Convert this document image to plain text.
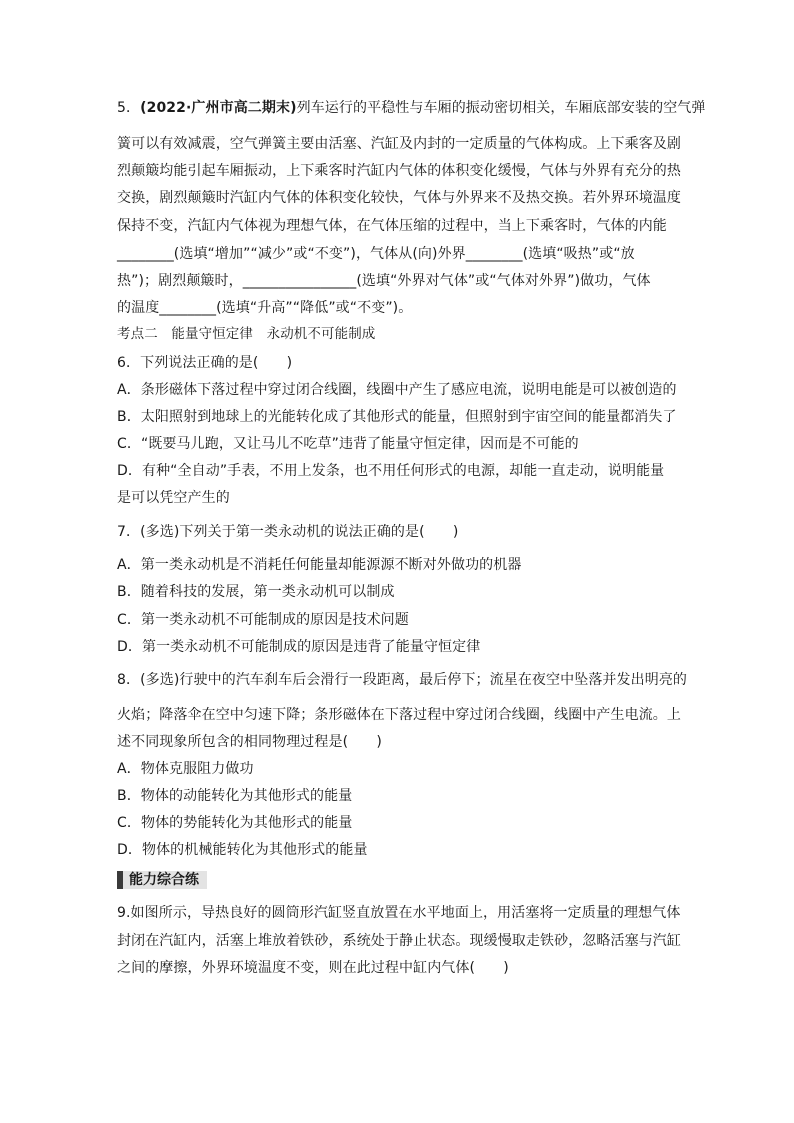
5．(2022·广州市高二期末)列车运行的平稳性与车厢的振动密切相关，车厢底部安装的空气弹
簧可以有效减震，空气弹簧主要由活塞、汽缸及内封的一定质量的气体构成。上下乘客及剧
烈颠簸均能引起车厢振动，上下乘客时汽缸内气体的体积变化缓慢，气体与外界有充分的热
交换，剧烈颠簸时汽缸内气体的体积变化较快，气体与外界来不及热交换。若外界环境温度
保持不变，汽缸内气体视为理想气体，在气体压缩的过程中，当上下乘客时，气体的内能
________(选填“增加”“减少”或“不变”)，气体从(向)外界________(选填“吸热”或“放
热”)；剧烈颠簸时，________________(选填“外界对气体”或“气体对外界”)做功，气体
的温度________(选填“升高”“降低”或“不变”)。
考点二　能量守恒定律　永动机不可能制成
6．下列说法正确的是(　　)
A．条形磁体下落过程中穿过闭合线圈，线圈中产生了感应电流，说明电能是可以被创造的
B．太阳照射到地球上的光能转化成了其他形式的能量，但照射到宇宙空间的能量都消失了
C．“既要马儿跑，又让马儿不吃草”违背了能量守恒定律，因而是不可能的
D．有种“全自动”手表，不用上发条，也不用任何形式的电源，却能一直走动，说明能量
是可以凭空产生的
7．(多选)下列关于第一类永动机的说法正确的是(　　)
A．第一类永动机是不消耗任何能量却能源源不断对外做功的机器
B．随着科技的发展，第一类永动机可以制成
C．第一类永动机不可能制成的原因是技术问题
D．第一类永动机不可能制成的原因是违背了能量守恒定律
8．(多选)行驶中的汽车刹车后会滑行一段距离，最后停下；流星在夜空中坠落并发出明亮的
火焰；降落伞在空中匀速下降；条形磁体在下落过程中穿过闭合线圈，线圈中产生电流。上
述不同现象所包含的相同物理过程是(　　)
A．物体克服阻力做功
B．物体的动能转化为其他形式的能量
C．物体的势能转化为其他形式的能量
D．物体的机械能转化为其他形式的能量
能力综合练
9.如图所示，导热良好的圆筒形汽缸竖直放置在水平地面上，用活塞将一定质量的理想气体
封闭在汽缸内，活塞上堆放着铁砂，系统处于静止状态。现缓慢取走铁砂，忽略活塞与汽缸
之间的摩擦，外界环境温度不变，则在此过程中缸内气体(　　)
